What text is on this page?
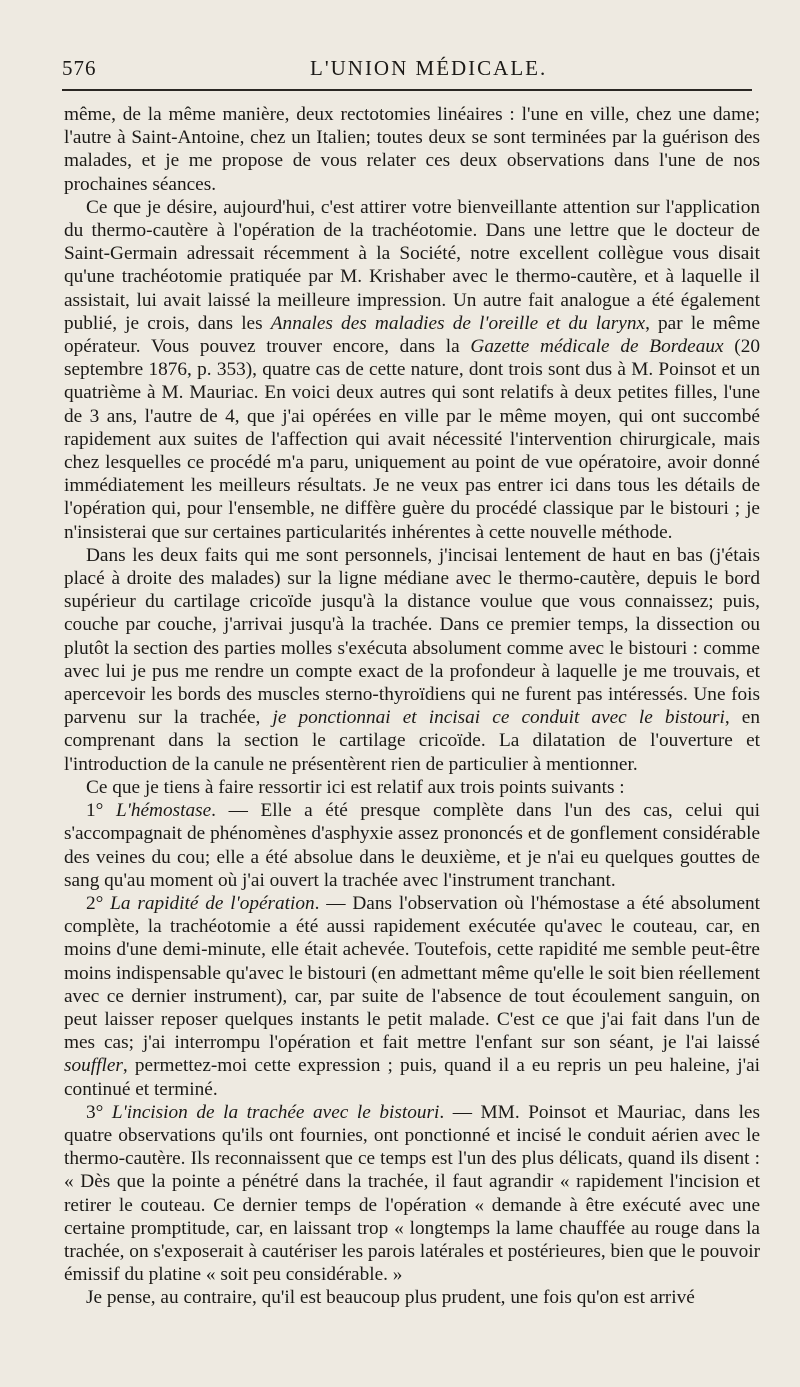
576	L'UNION MÉDICALE.

même, de la même manière, deux rectotomies linéaires : l'une en ville, chez une dame; l'autre à Saint-Antoine, chez un Italien; toutes deux se sont terminées par la guérison des malades, et je me propose de vous relater ces deux observations dans l'une de nos prochaines séances.

Ce que je désire, aujourd'hui, c'est attirer votre bienveillante attention sur l'application du thermo-cautère à l'opération de la trachéotomie. Dans une lettre que le docteur de Saint-Germain adressait récemment à la Société, notre excellent collègue vous disait qu'une trachéotomie pratiquée par M. Krishaber avec le thermo-cautère, et à laquelle il assistait, lui avait laissé la meilleure impression. Un autre fait analogue a été également publié, je crois, dans les Annales des maladies de l'oreille et du larynx, par le même opérateur. Vous pouvez trouver encore, dans la Gazette médicale de Bordeaux (20 septembre 1876, p. 353), quatre cas de cette nature, dont trois sont dus à M. Poinsot et un quatrième à M. Mauriac. En voici deux autres qui sont relatifs à deux petites filles, l'une de 3 ans, l'autre de 4, que j'ai opérées en ville par le même moyen, qui ont succombé rapidement aux suites de l'affection qui avait nécessité l'intervention chirurgicale, mais chez lesquelles ce procédé m'a paru, uniquement au point de vue opératoire, avoir donné immédiatement les meilleurs résultats. Je ne veux pas entrer ici dans tous les détails de l'opération qui, pour l'ensemble, ne diffère guère du procédé classique par le bistouri ; je n'insisterai que sur certaines particularités inhérentes à cette nouvelle méthode.

Dans les deux faits qui me sont personnels, j'incisai lentement de haut en bas (j'étais placé à droite des malades) sur la ligne médiane avec le thermo-cautère, depuis le bord supérieur du cartilage cricoïde jusqu'à la distance voulue que vous connaissez; puis, couche par couche, j'arrivai jusqu'à la trachée. Dans ce premier temps, la dissection ou plutôt la section des parties molles s'exécuta absolument comme avec le bistouri : comme avec lui je pus me rendre un compte exact de la profondeur à laquelle je me trouvais, et apercevoir les bords des muscles sterno-thyroïdiens qui ne furent pas intéressés. Une fois parvenu sur la trachée, je ponctionnai et incisai ce conduit avec le bistouri, en comprenant dans la section le cartilage cricoïde. La dilatation de l'ouverture et l'introduction de la canule ne présentèrent rien de particulier à mentionner.

Ce que je tiens à faire ressortir ici est relatif aux trois points suivants :

1° L'hémostase. — Elle a été presque complète dans l'un des cas, celui qui s'accompagnait de phénomènes d'asphyxie assez prononcés et de gonflement considérable des veines du cou; elle a été absolue dans le deuxième, et je n'ai eu quelques gouttes de sang qu'au moment où j'ai ouvert la trachée avec l'instrument tranchant.

2° La rapidité de l'opération. — Dans l'observation où l'hémostase a été absolument complète, la trachéotomie a été aussi rapidement exécutée qu'avec le couteau, car, en moins d'une demi-minute, elle était achevée. Toutefois, cette rapidité me semble peut-être moins indispensable qu'avec le bistouri (en admettant même qu'elle le soit bien réellement avec ce dernier instrument), car, par suite de l'absence de tout écoulement sanguin, on peut laisser reposer quelques instants le petit malade. C'est ce que j'ai fait dans l'un de mes cas; j'ai interrompu l'opération et fait mettre l'enfant sur son séant, je l'ai laissé souffler, permettez-moi cette expression ; puis, quand il a eu repris un peu haleine, j'ai continué et terminé.

3° L'incision de la trachée avec le bistouri. — MM. Poinsot et Mauriac, dans les quatre observations qu'ils ont fournies, ont ponctionné et incisé le conduit aérien avec le thermo-cautère. Ils reconnaissent que ce temps est l'un des plus délicats, quand ils disent : « Dès que la pointe a pénétré dans la trachée, il faut agrandir « rapidement l'incision et retirer le couteau. Ce dernier temps de l'opération « demande à être exécuté avec une certaine promptitude, car, en laissant trop « longtemps la lame chauffée au rouge dans la trachée, on s'exposerait à cautériser les parois latérales et postérieures, bien que le pouvoir émissif du platine « soit peu considérable. »

Je pense, au contraire, qu'il est beaucoup plus prudent, une fois qu'on est arrivé
